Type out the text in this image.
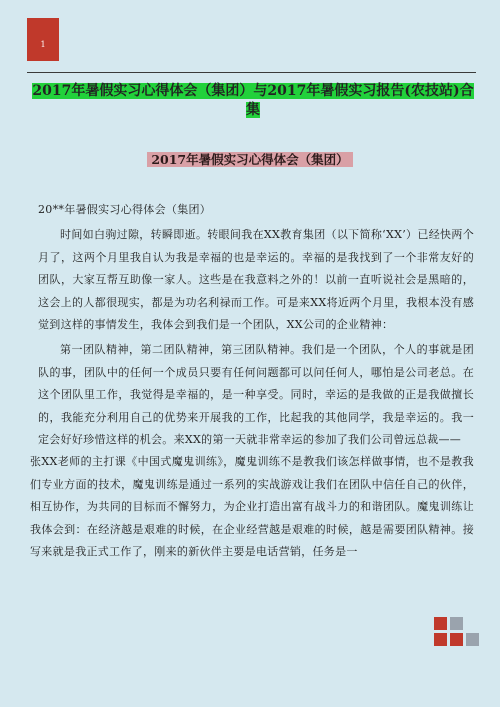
1
2017年暑假实习心得体会（集团）与2017年暑假实习报告(农技站)合集
2017年暑假实习心得体会（集团）

20**年暑假实习心得体会（集团）

时间如白驹过隙，转瞬即逝。转眼间我在XX教育集团（以下简称‘XX’）已经快两个月了，这两个月里我自认为我是幸福的也是幸运的。幸福的是我找到了一个非常友好的团队，大家互帮互助像一家人。这些是在我意料之外的！以前一直听说社会是黑暗的，这会上的人都很现实，都是为功名利禄而工作。可是来XX将近两个月里，我根本没有感觉到这样的事情发生，我体会到我们是一个团队，XX公司的企业精神：

第一团队精神，第二团队精神，第三团队精神。我们是一个团队，个人的事就是团队的事，团队中的任何一个成员只要有任何问题都可以问任何人，哪怕是公司老总。在这个团队里工作，我觉得是幸福的，是一种享受。同时，幸运的是我做的正是我做擅长的，我能充分利用自己的优势来开展我的工作，比起我的其他同学，我是幸运的。我一定会好好珍惜这样的机会。来XX的第一天就非常幸运的参加了我们公司曾远总裁——

张XX老师的主打课《中国式魔鬼训练》，魔鬼训练不是教我们该怎样做事情，也不是教我们专业方面的技术，魔鬼训练是通过一系列的实战游戏让我们在团队中信任自己的伙伴，相互协作，为共同的目标而不懈努力，为企业打造出富有战斗力的和谐团队。魔鬼训练让我体会到：在经济越是艰难的时候，在企业经营越是艰难的时候，越是需要团队精神。接写来就是我正式工作了，刚来的新伙伴主要是电话营销，任务是一
